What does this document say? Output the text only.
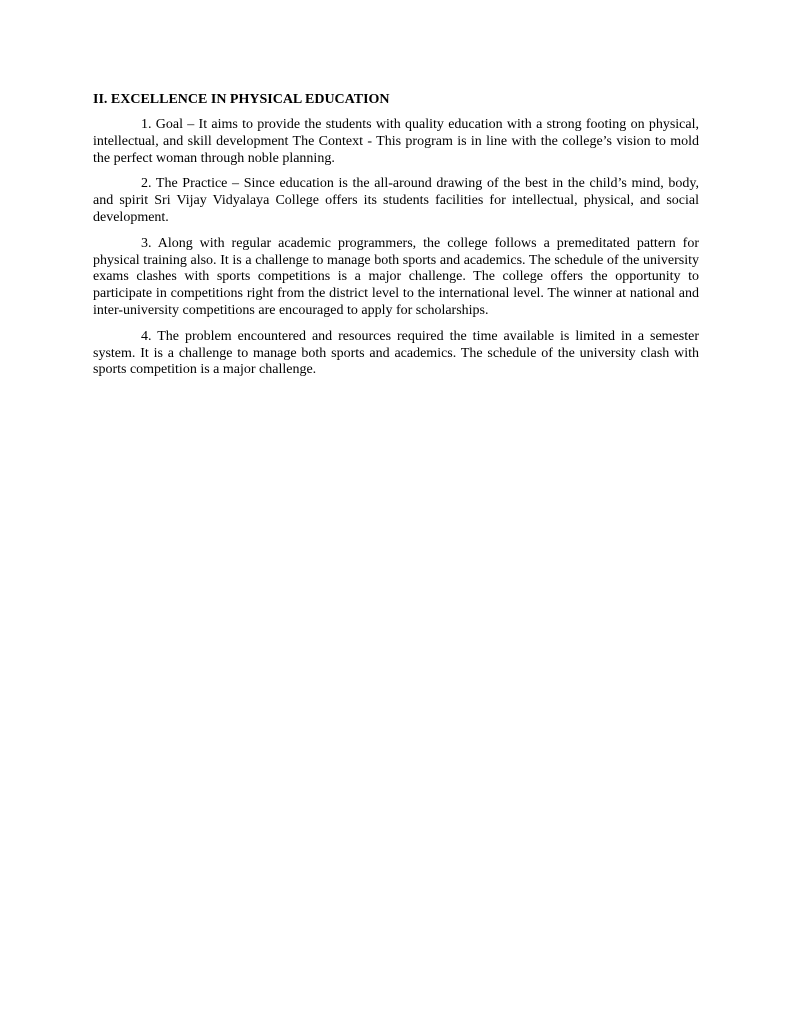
II. EXCELLENCE IN PHYSICAL EDUCATION

1. Goal – It aims to provide the students with quality education with a strong footing on physical, intellectual, and skill development The Context - This program is in line with the college’s vision to mold the perfect woman through noble planning.

2. The Practice – Since education is the all-around drawing of the best in the child’s mind, body, and spirit Sri Vijay Vidyalaya College offers its students facilities for intellectual, physical, and social development.

3. Along with regular academic programmers, the college follows a premeditated pattern for physical training also. It is a challenge to manage both sports and academics. The schedule of the university exams clashes with sports competitions is a major challenge. The college offers the opportunity to participate in competitions right from the district level to the international level. The winner at national and inter-university competitions are encouraged to apply for scholarships.

4. The problem encountered and resources required the time available is limited in a semester system. It is a challenge to manage both sports and academics. The schedule of the university clash with sports competition is a major challenge.
